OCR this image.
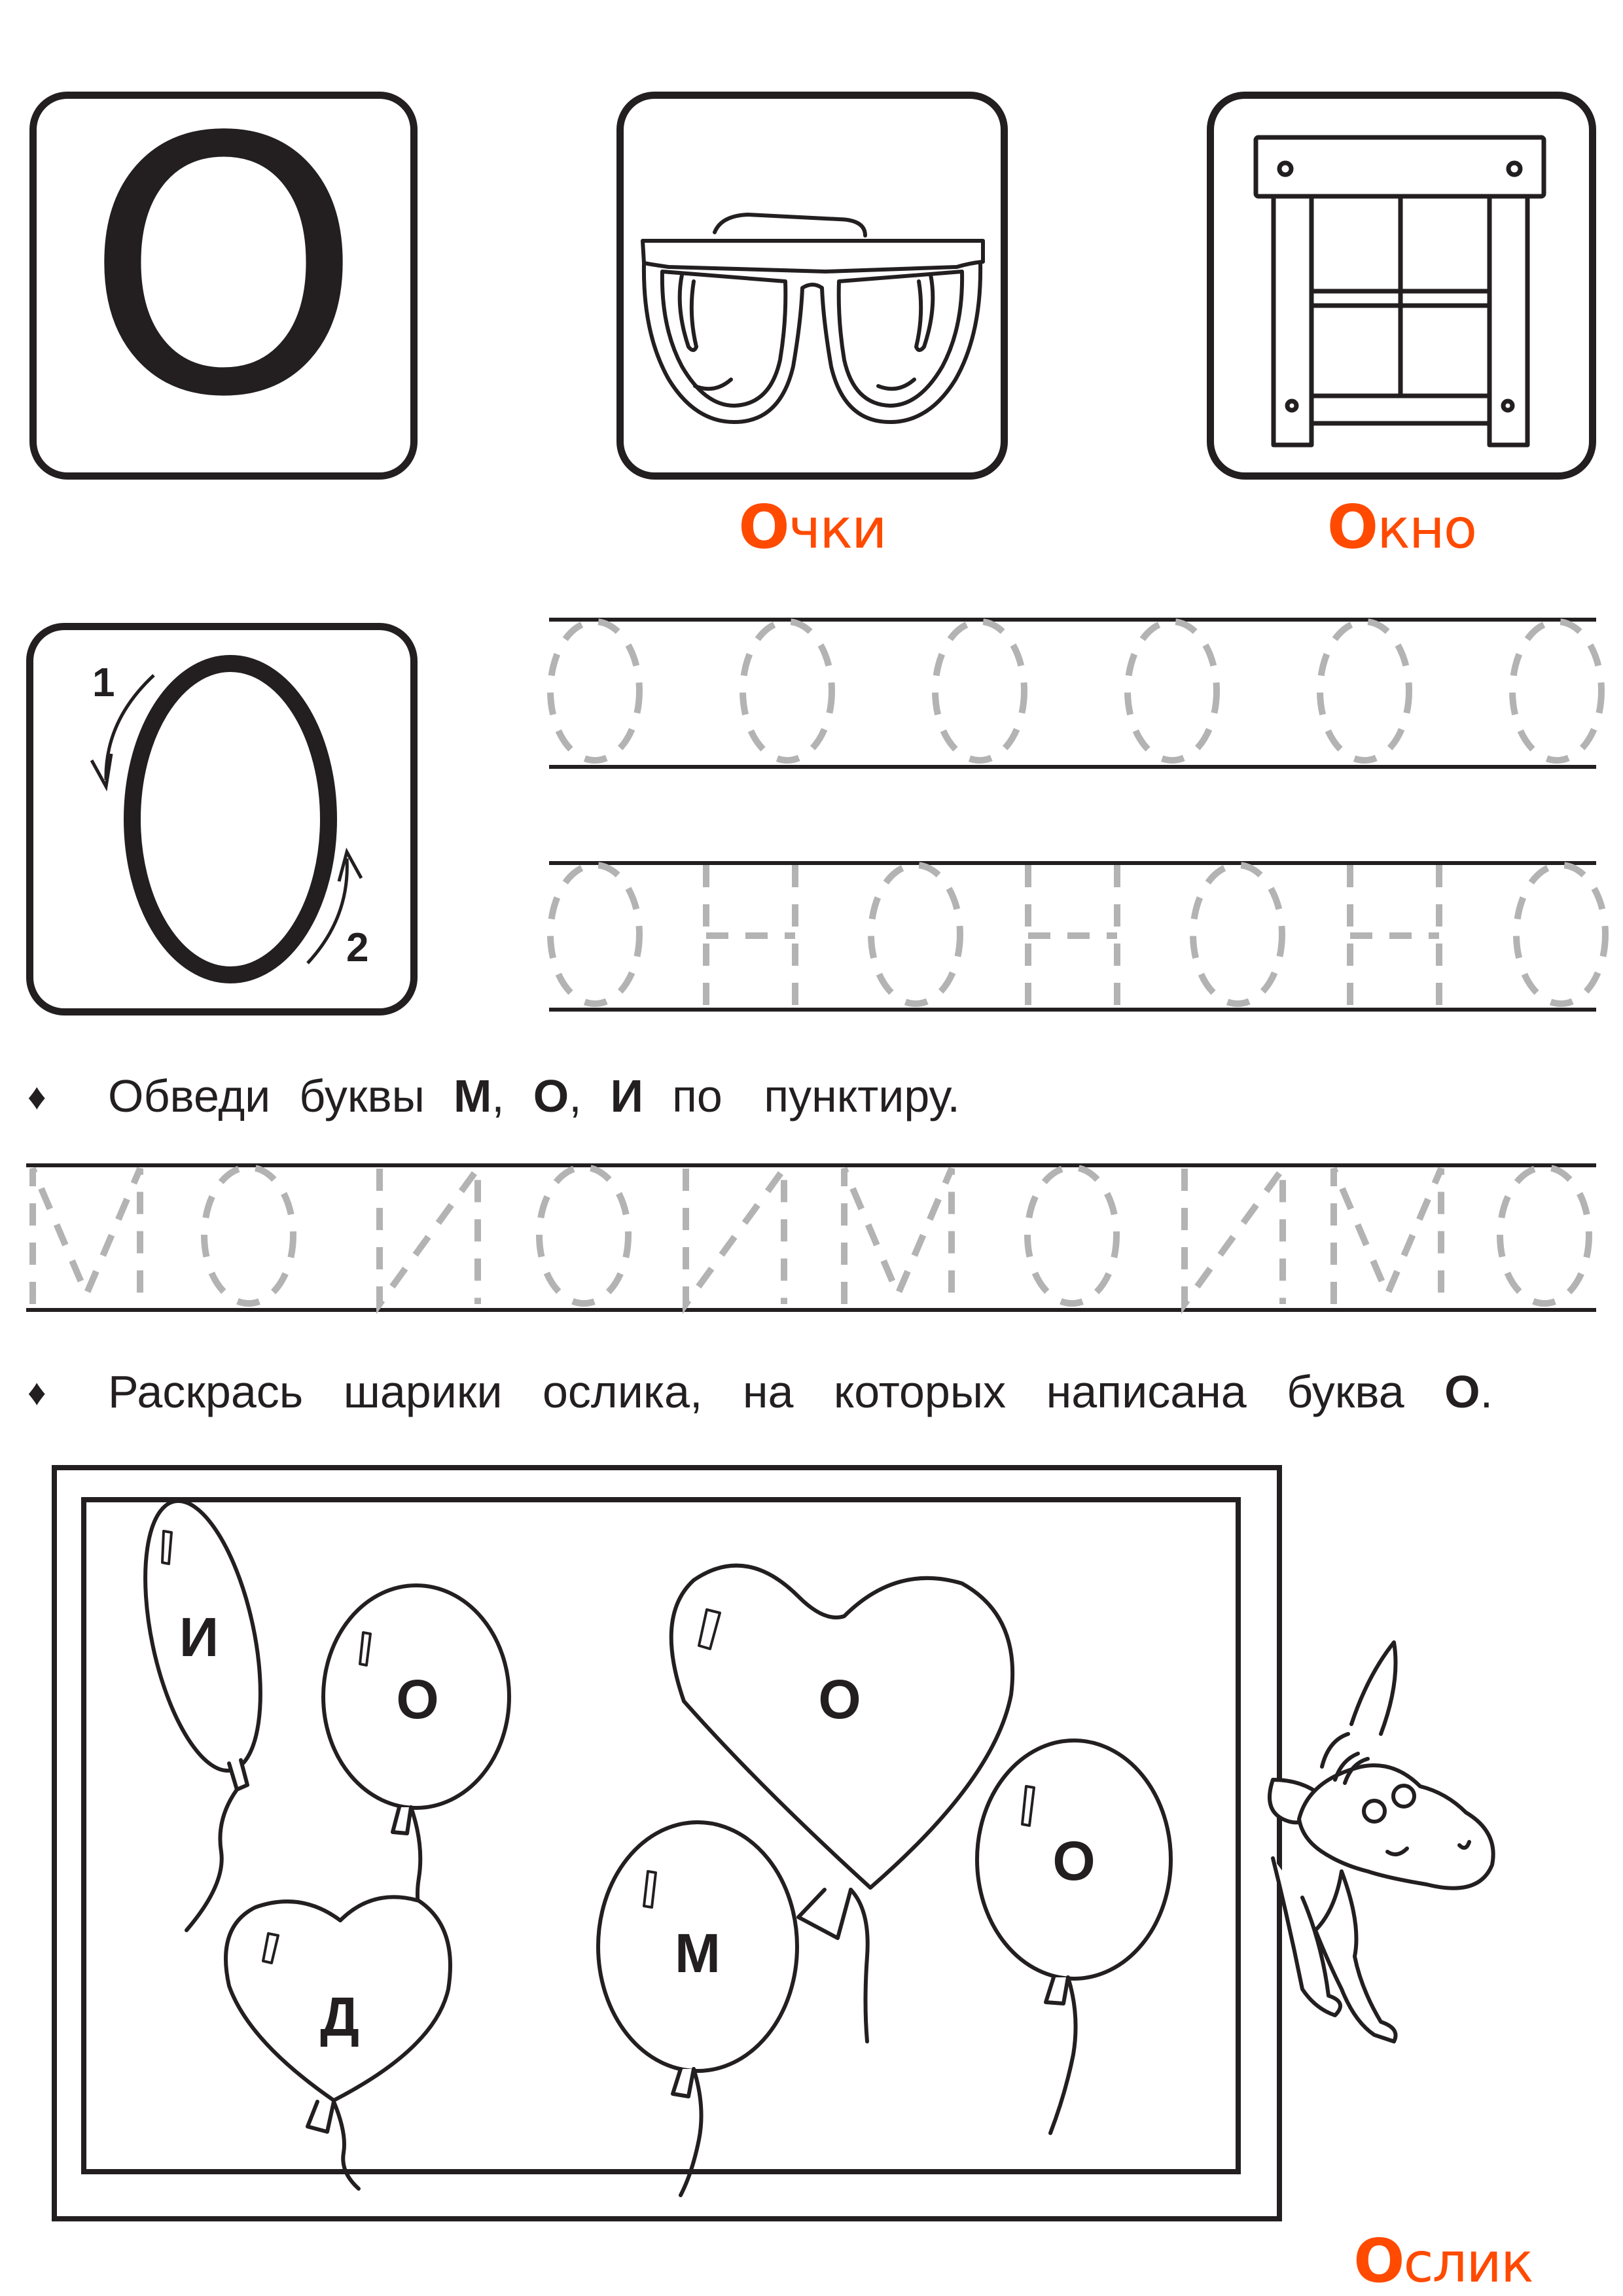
О
Очки	Окно
1
2
♦ Обведи буквы М, О, И по пунктиру.
♦ Раскрась шарики ослика, на которых написана буква О.
И
О	О
О
М
Д
Ослик
